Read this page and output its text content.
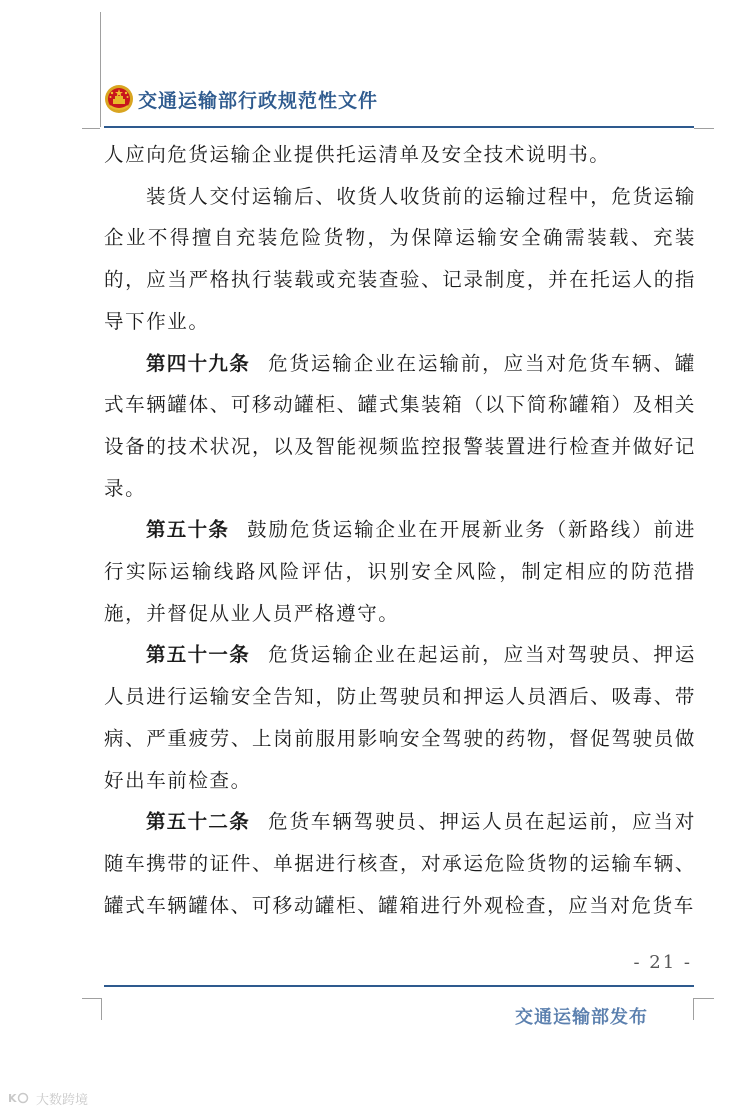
交通运输部行政规范性文件

人应向危货运输企业提供托运清单及安全技术说明书。

装货人交付运输后、收货人收货前的运输过程中，危货运输企业不得擅自充装危险货物，为保障运输安全确需装载、充装的，应当严格执行装载或充装查验、记录制度，并在托运人的指导下作业。

第四十九条 危货运输企业在运输前，应当对危货车辆、罐式车辆罐体、可移动罐柜、罐式集装箱（以下简称罐箱）及相关设备的技术状况，以及智能视频监控报警装置进行检查并做好记录。

第五十条 鼓励危货运输企业在开展新业务（新路线）前进行实际运输线路风险评估，识别安全风险，制定相应的防范措施，并督促从业人员严格遵守。

第五十一条 危货运输企业在起运前，应当对驾驶员、押运人员进行运输安全告知，防止驾驶员和押运人员酒后、吸毒、带病、严重疲劳、上岗前服用影响安全驾驶的药物，督促驾驶员做好出车前检查。

第五十二条 危货车辆驾驶员、押运人员在起运前，应当对随车携带的证件、单据进行核查，对承运危险货物的运输车辆、罐式车辆罐体、可移动罐柜、罐箱进行外观检查，应当对危货车

- 21 -
交通运输部发布
K 大数跨境
